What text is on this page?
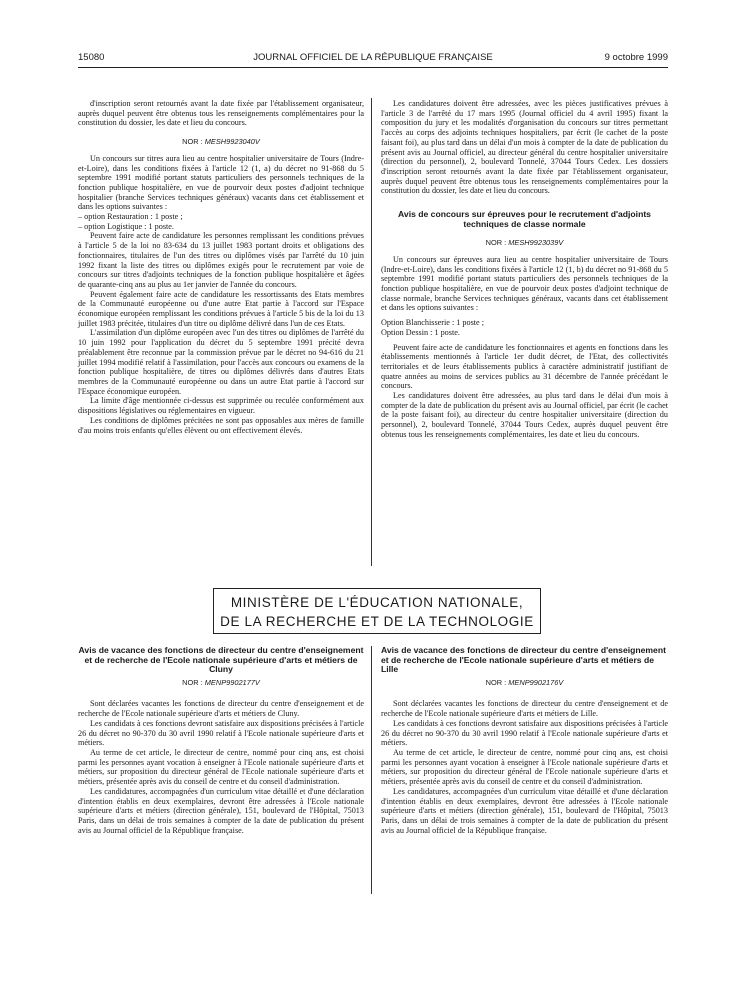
15080	JOURNAL OFFICIEL DE LA RÉPUBLIQUE FRANÇAISE	9 octobre 1999

d'inscription seront retournés avant la date fixée par l'établissement organisateur, auprès duquel peuvent être obtenus tous les renseignements complémentaires pour la constitution du dossier, les date et lieu du concours.

NOR : MESH9923040V

Un concours sur titres aura lieu au centre hospitalier universitaire de Tours (Indre-et-Loire), dans les conditions fixées à l'article 12 (1, a) du décret no 91-868 du 5 septembre 1991 modifié portant statuts particuliers des personnels techniques de la fonction publique hospitalière, en vue de pourvoir deux postes d'adjoint technique hospitalier (branche Services techniques généraux) vacants dans cet établissement et dans les options suivantes :

– option Restauration : 1 poste ;

– option Logistique : 1 poste.

Peuvent faire acte de candidature les personnes remplissant les conditions prévues à l'article 5 de la loi no 83-634 du 13 juillet 1983 portant droits et obligations des fonctionnaires, titulaires de l'un des titres ou diplômes visés par l'arrêté du 10 juin 1992 fixant la liste des titres ou diplômes exigés pour le recrutement par voie de concours sur titres d'adjoints techniques de la fonction publique hospitalière et âgées de quarante-cinq ans au plus au 1er janvier de l'année du concours.

Peuvent également faire acte de candidature les ressortissants des Etats membres de la Communauté européenne ou d'une autre Etat partie à l'accord sur l'Espace économique européen remplissant les conditions prévues à l'article 5 bis de la loi du 13 juillet 1983 précitée, titulaires d'un titre ou diplôme délivré dans l'un de ces Etats.

L'assimilation d'un diplôme européen avec l'un des titres ou diplômes de l'arrêté du 10 juin 1992 pour l'application du décret du 5 septembre 1991 précité devra préalablement être reconnue par la commission prévue par le décret no 94-616 du 21 juillet 1994 modifié relatif à l'assimilation, pour l'accès aux concours ou examens de la fonction publique hospitalière, de titres ou diplômes délivrés dans d'autres Etats membres de la Communauté européenne ou dans un autre Etat partie à l'accord sur l'Espace économique européen.

La limite d'âge mentionnée ci-dessus est supprimée ou reculée conformément aux dispositions législatives ou réglementaires en vigueur.

Les conditions de diplômes précitées ne sont pas opposables aux mères de famille d'au moins trois enfants qu'elles élèvent ou ont effectivement élevés.

Les candidatures doivent être adressées, avec les pièces justificatives prévues à l'article 3 de l'arrêté du 17 mars 1995 (Journal officiel du 4 avril 1995) fixant la composition du jury et les modalités d'organisation du concours sur titres permettant l'accès au corps des adjoints techniques hospitaliers, par écrit (le cachet de la poste faisant foi), au plus tard dans un délai d'un mois à compter de la date de publication du présent avis au Journal officiel, au directeur général du centre hospitalier universitaire (direction du personnel), 2, boulevard Tonnelé, 37044 Tours Cedex. Les dossiers d'inscription seront retournés avant la date fixée par l'établissement organisateur, auprès duquel peuvent être obtenus tous les renseignements complémentaires pour la constitution du dossier, les date et lieu du concours.

Avis de concours sur épreuves pour le recrutement d'adjoints techniques de classe normale
NOR : MESH9923039V

Un concours sur épreuves aura lieu au centre hospitalier universitaire de Tours (Indre-et-Loire), dans les conditions fixées à l'article 12 (1, b) du décret no 91-868 du 5 septembre 1991 modifié portant statuts particuliers des personnels techniques de la fonction publique hospitalière, en vue de pourvoir deux postes d'adjoint technique de classe normale, branche Services techniques généraux, vacants dans cet établissement et dans les options suivantes :

Option Blanchisserie : 1 poste ;

Option Dessin : 1 poste.

Peuvent faire acte de candidature les fonctionnaires et agents en fonctions dans les établissements mentionnés à l'article 1er dudit décret, de l'Etat, des collectivités territoriales et de leurs établissements publics à caractère administratif justifiant de quatre années au moins de services publics au 31 décembre de l'année précédant le concours.

Les candidatures doivent être adressées, au plus tard dans le délai d'un mois à compter de la date de publication du présent avis au Journal officiel, par écrit (le cachet de la poste faisant foi), au directeur du centre hospitalier universitaire (direction du personnel), 2, boulevard Tonnelé, 37044 Tours Cedex, auprès duquel peuvent être obtenus tous les renseignements complémentaires, les date et lieu du concours.

MINISTÈRE DE L'ÉDUCATION NATIONALE,
DE LA RECHERCHE ET DE LA TECHNOLOGIE
Avis de vacance des fonctions de directeur du centre d'enseignement et de recherche de l'Ecole nationale supérieure d'arts et métiers de Cluny
NOR : MENP9902177V

Sont déclarées vacantes les fonctions de directeur du centre d'enseignement et de recherche de l'Ecole nationale supérieure d'arts et métiers de Cluny.

Les candidats à ces fonctions devront satisfaire aux dispositions précisées à l'article 26 du décret no 90-370 du 30 avril 1990 relatif à l'Ecole nationale supérieure d'arts et métiers.

Au terme de cet article, le directeur de centre, nommé pour cinq ans, est choisi parmi les personnes ayant vocation à enseigner à l'Ecole nationale supérieure d'arts et métiers, sur proposition du directeur général de l'Ecole nationale supérieure d'arts et métiers, présentée après avis du conseil de centre et du conseil d'administration.

Les candidatures, accompagnées d'un curriculum vitae détaillé et d'une déclaration d'intention établis en deux exemplaires, devront être adressées à l'Ecole nationale supérieure d'arts et métiers (direction générale), 151, boulevard de l'Hôpital, 75013 Paris, dans un délai de trois semaines à compter de la date de publication du présent avis au Journal officiel de la République française.

Avis de vacance des fonctions de directeur du centre d'enseignement et de recherche de l'Ecole nationale supérieure d'arts et métiers de Lille
NOR : MENP9902176V

Sont déclarées vacantes les fonctions de directeur du centre d'enseignement et de recherche de l'Ecole nationale supérieure d'arts et métiers de Lille.

Les candidats à ces fonctions devront satisfaire aux dispositions précisées à l'article 26 du décret no 90-370 du 30 avril 1990 relatif à l'Ecole nationale supérieure d'arts et métiers.

Au terme de cet article, le directeur de centre, nommé pour cinq ans, est choisi parmi les personnes ayant vocation à enseigner à l'Ecole nationale supérieure d'arts et métiers, sur proposition du directeur général de l'Ecole nationale supérieure d'arts et métiers, présentée après avis du conseil de centre et du conseil d'administration.

Les candidatures, accompagnées d'un curriculum vitae détaillé et d'une déclaration d'intention établis en deux exemplaires, devront être adressées à l'Ecole nationale supérieure d'arts et métiers (direction générale), 151, boulevard de l'Hôpital, 75013 Paris, dans un délai de trois semaines à compter de la date de publication du présent avis au Journal officiel de la République française.
